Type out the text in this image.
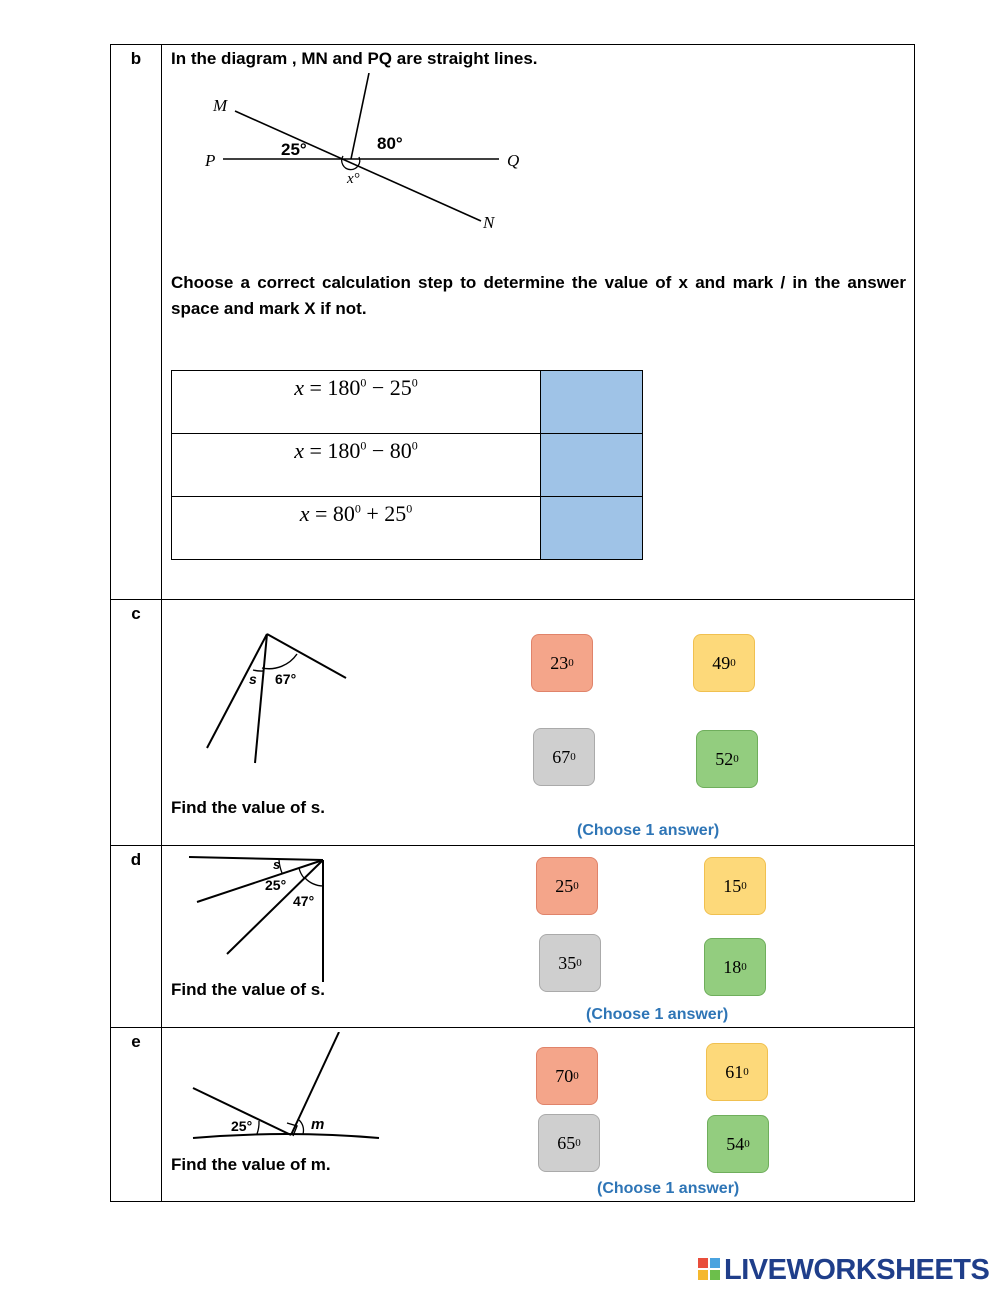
b	In the diagram , MN and PQ are straight lines.
M
P	Q
N
25°	80°
x°
Choose a correct calculation step to determine the value of x and mark / in the answer space and mark X if not.
$x = 180^0 - 25^0$	
$x = 180^0 - 80^0$	
$x = 80^0 + 25^0$	
c
s 67°
Find the value of s.
23 0	49 0
67 0	52 0
(Choose 1 answer)
d	s
25°
47°
Find the value of s.
25 0	15 0
35 0	18 0
(Choose 1 answer)
e
25°	m
Find the value of m.
70 0	61 0
65 0	54 0
(Choose 1 answer)
LIVEWORKSHEETS
